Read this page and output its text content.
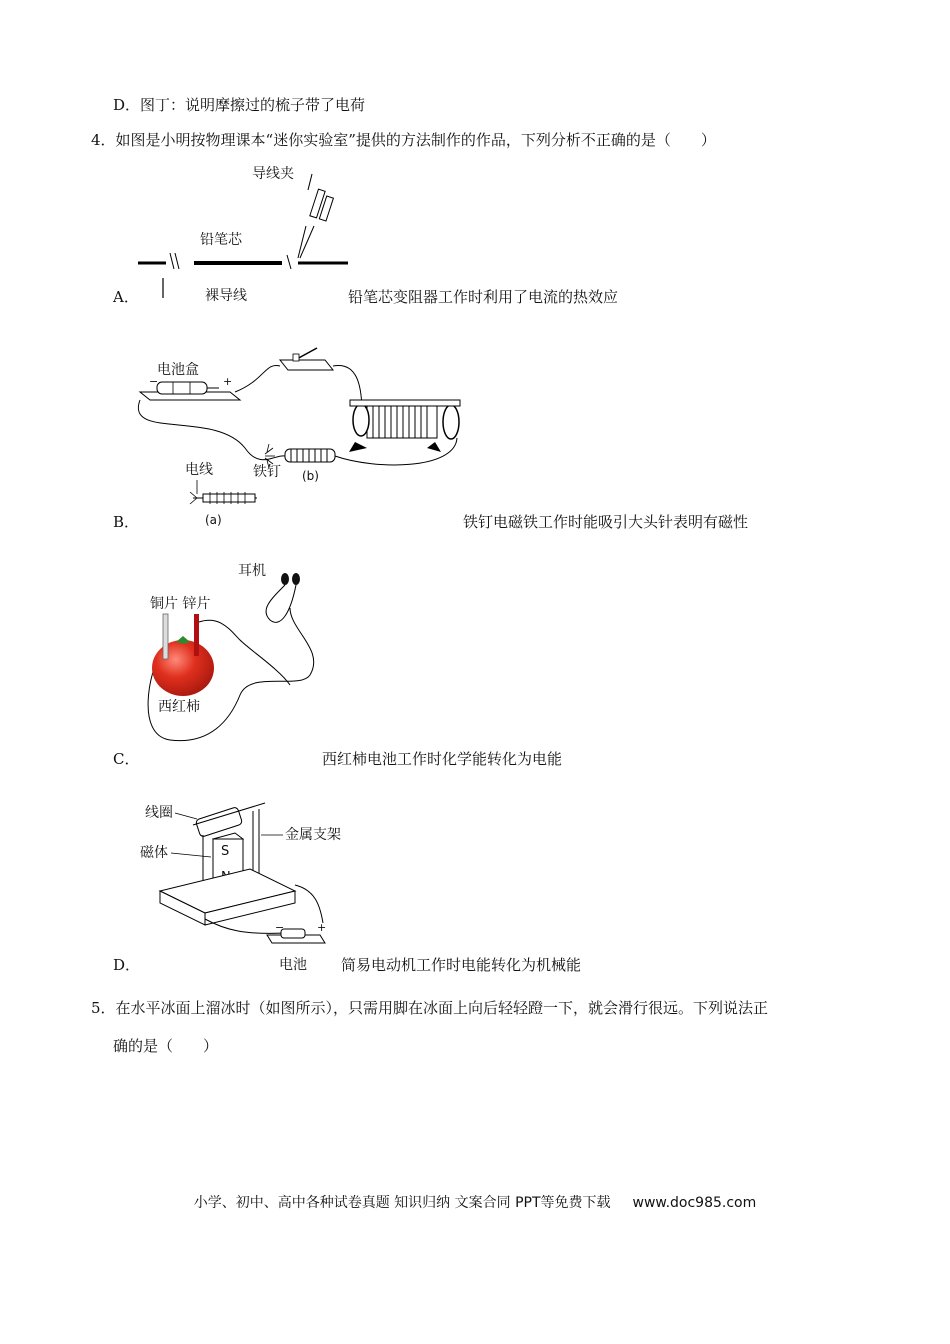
D．图丁：说明摩擦过的梳子带了电荷
4．如图是小明按物理课本“迷你实验室”提供的方法制作的作品，下列分析不正确的是（　　）
导线夹
铅笔芯
裸导线
A．	铅笔芯变阻器工作时利用了电流的热效应
−	+
电池盒
(b)
铁钉
电线
(a)
B．	铁钉电磁铁工作时能吸引大头针表明有磁性
耳机
铜片 锌片
西红柿
C．	西红柿电池工作时化学能转化为电能
线圈
金属支架
磁体	S
−	+
电池
D．	简易电动机工作时电能转化为机械能
5．在水平冰面上溜冰时（如图所示），只需用脚在冰面上向后轻轻蹬一下，就会滑行很远。下列说法正
确的是（　　）
小学、初中、高中各种试卷真题 知识归纳 文案合同 PPT等免费下载 www.doc985.com
